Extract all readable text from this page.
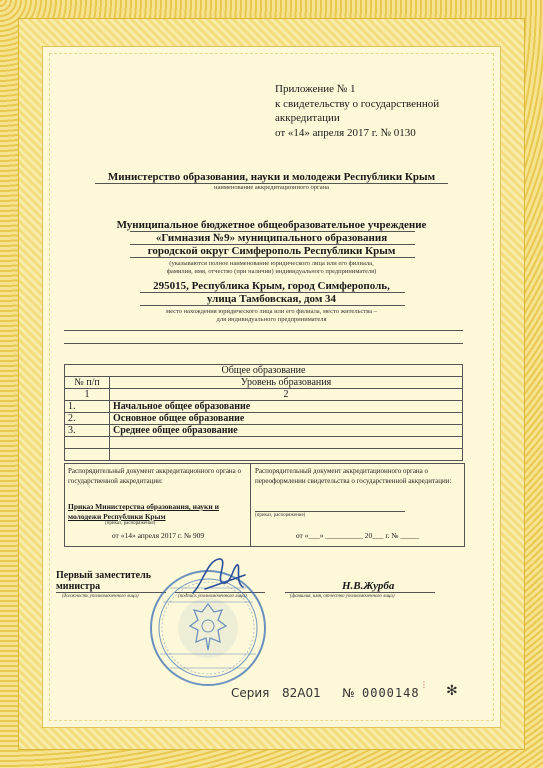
Приложение № 1
к свидетельству о государственной
аккредитации
от «14» апреля 2017 г. № 0130
Министерство образования, науки и молодежи Республики Крым
наименование аккредитационного органа
Муниципальное бюджетное общеобразовательное учреждение
«Гимназия №9» муниципального образования
городской округ Симферополь Республики Крым
(указываются полное наименование юридического лица или его филиала,
фамилия, имя, отчество (при наличии) индивидуального предпринимателя)
295015, Республика Крым, город Симферополь,
улица Тамбовская, дом 34
место нахождения юридического лица или его филиала, место жительства –
для индивидуального предпринимателя
Общее образование	
№ п/п	Уровень образования
1	2
1.	Начальное общее образование
2.	Основное общее образование
3.	Среднее общее образование

Распорядительный документ аккредитационного органа о государственной аккредитации:
Приказ Министерства образования, науки и молодежи Республики Крым
(приказ, распоряжение)
от «14» апреля 2017 г. № 909
Распорядительный документ аккредитационного органа о переоформлении свидетельства о государственной аккредитации:
(приказ, распоряжение)
от «___» __________ 20___ г. № _____
Первый заместитель
министра
(должность уполномоченного лица)	(подпись уполномоченного лица)
Н.В.Журба
(фамилия, имя, отчество уполномоченного лица)
Серия 82А01 № 0000148
⋮ ✻
